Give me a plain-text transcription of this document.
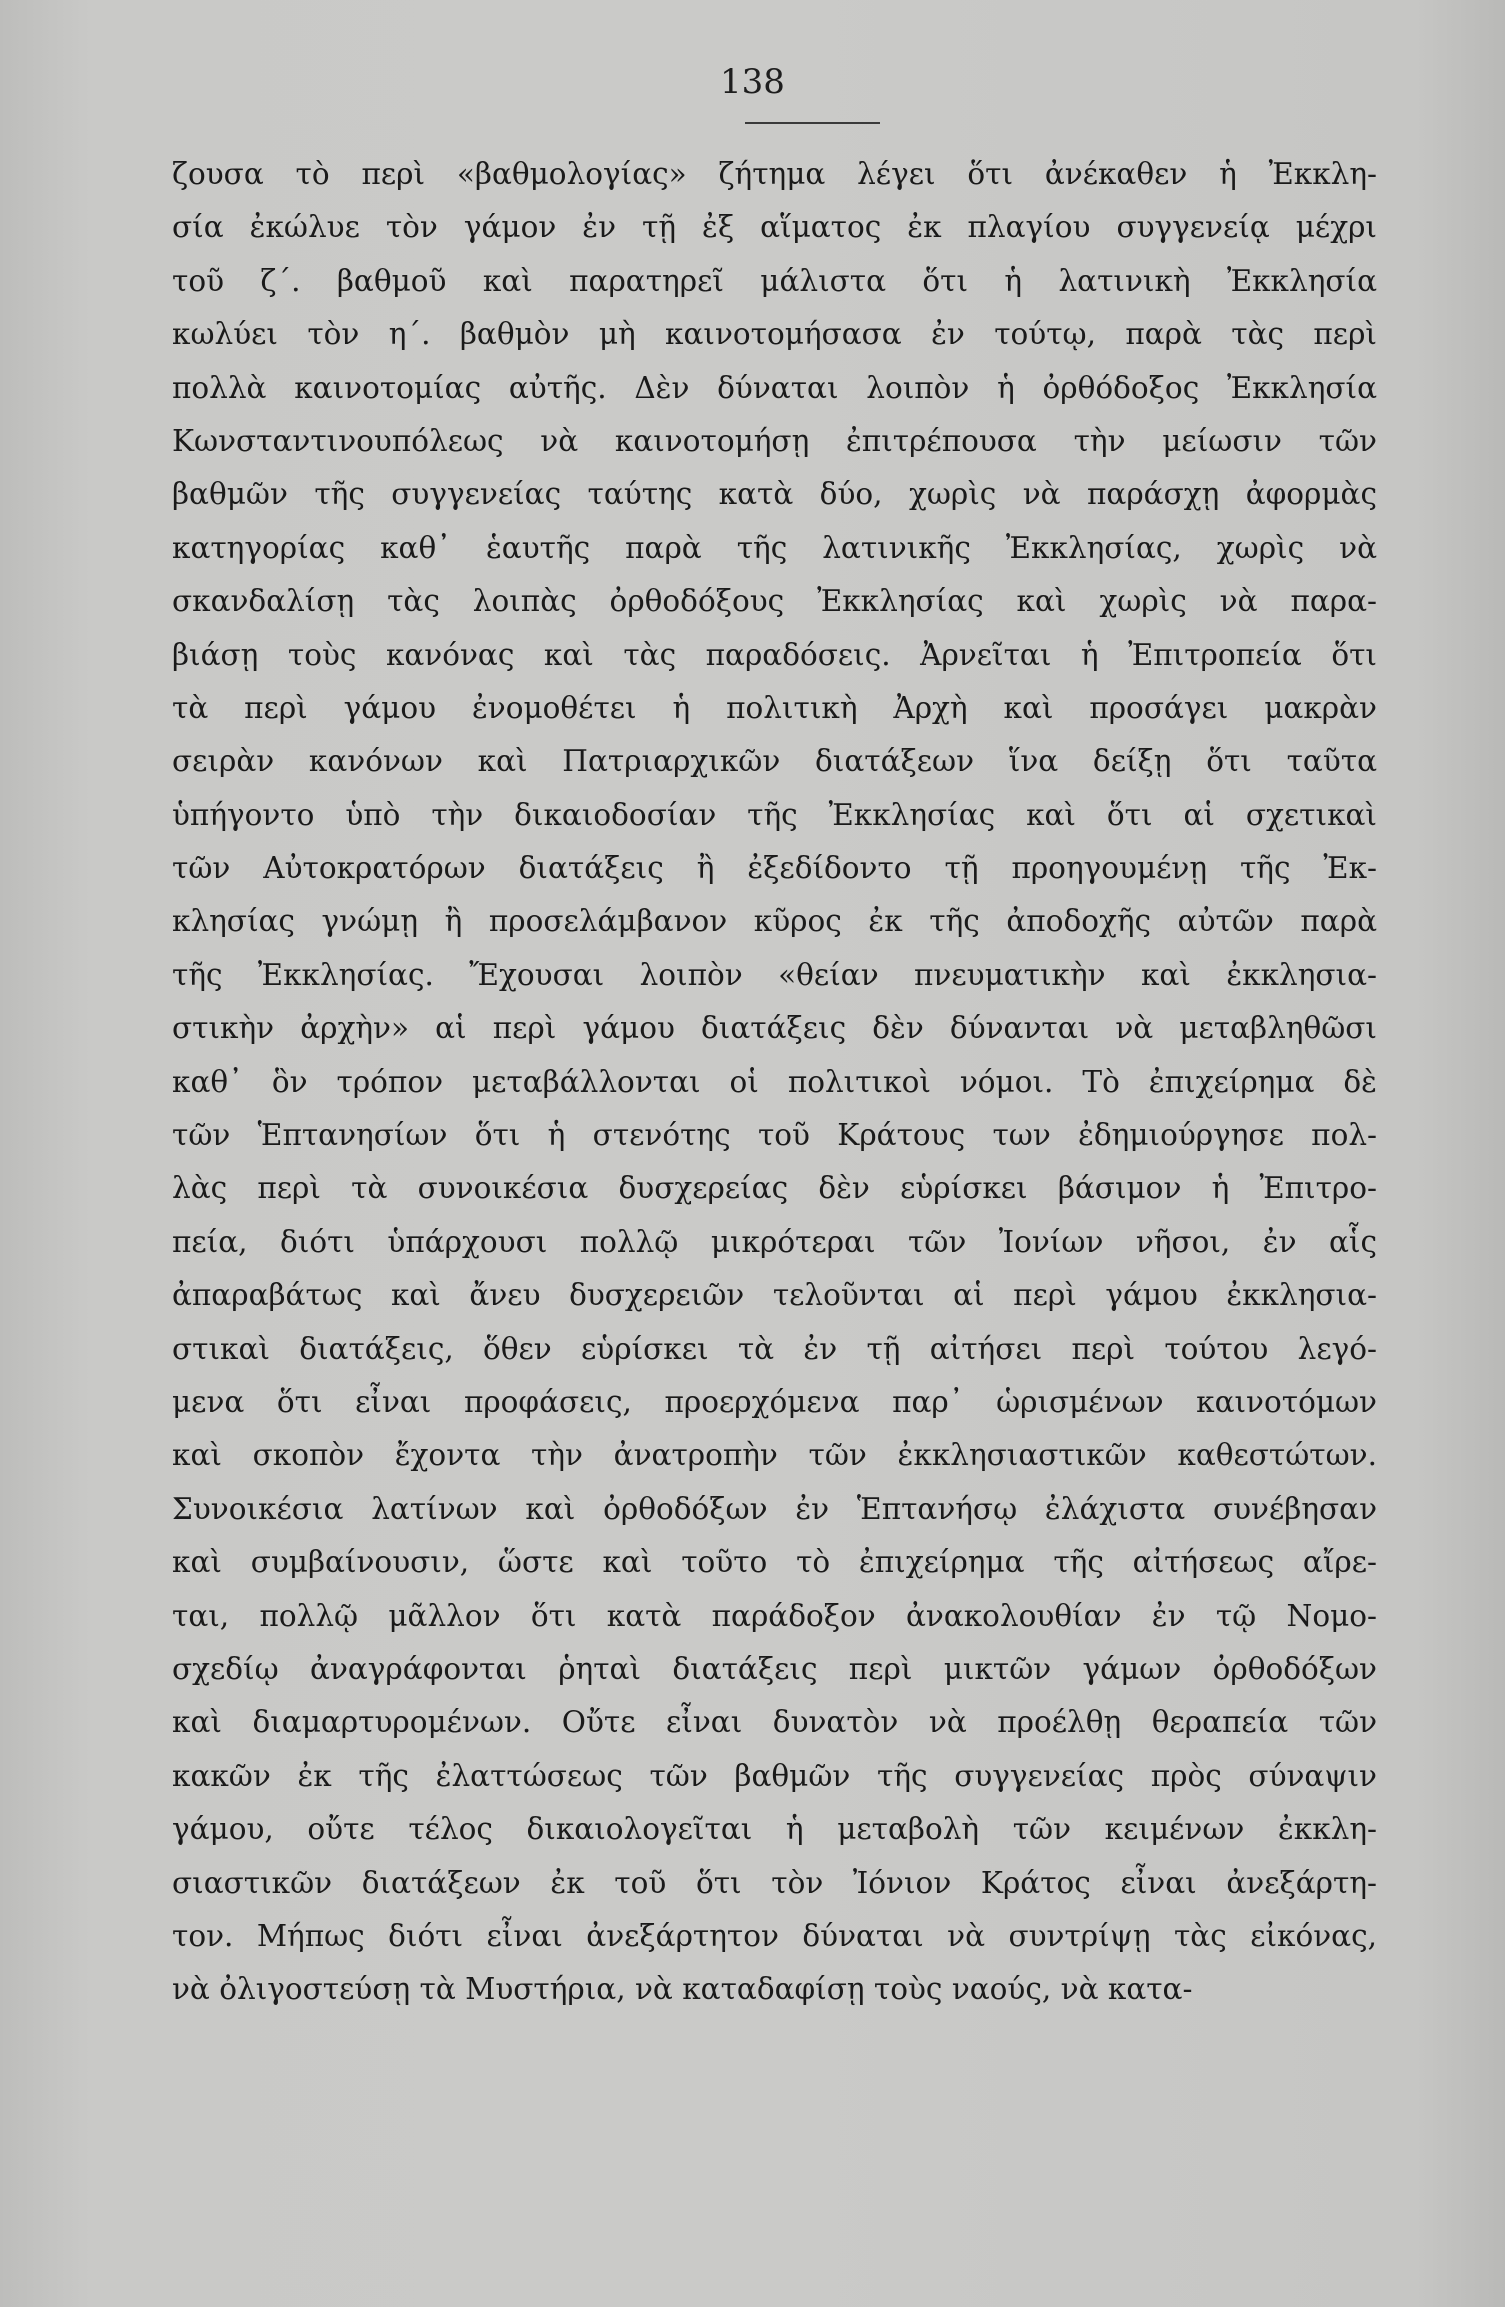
138
ζουσα τὸ περὶ «βαθμολογίας» ζήτημα λέγει ὅτι ἀνέκαθεν ἡ Ἐκκλη-
σία ἐκώλυε τὸν γάμον ἐν τῇ ἐξ αἵματος ἐκ πλαγίου συγγενείᾳ μέχρι
τοῦ ζ΄. βαθμοῦ καὶ παρατηρεῖ μάλιστα ὅτι ἡ λατινικὴ Ἐκκλησία
κωλύει τὸν η΄. βαθμὸν μὴ καινοτομήσασα ἐν τούτῳ, παρὰ τὰς περὶ
πολλὰ καινοτομίας αὐτῆς. Δὲν δύναται λοιπὸν ἡ ὀρθόδοξος Ἐκκλησία
Κωνσταντινουπόλεως νὰ καινοτομήσῃ ἐπιτρέπουσα τὴν μείωσιν τῶν
βαθμῶν τῆς συγγενείας ταύτης κατὰ δύο, χωρὶς νὰ παράσχῃ ἀφορμὰς
κατηγορίας καθ᾽ ἑαυτῆς παρὰ τῆς λατινικῆς Ἐκκλησίας, χωρὶς νὰ
σκανδαλίσῃ τὰς λοιπὰς ὀρθοδόξους Ἐκκλησίας καὶ χωρὶς νὰ παρα-
βιάσῃ τοὺς κανόνας καὶ τὰς παραδόσεις. Ἀρνεῖται ἡ Ἐπιτροπεία ὅτι
τὰ περὶ γάμου ἐνομοθέτει ἡ πολιτικὴ Ἀρχὴ καὶ προσάγει μακρὰν
σειρὰν κανόνων καὶ Πατριαρχικῶν διατάξεων ἵνα δείξῃ ὅτι ταῦτα
ὑπήγοντο ὑπὸ τὴν δικαιοδοσίαν τῆς Ἐκκλησίας καὶ ὅτι αἱ σχετικαὶ
τῶν Αὐτοκρατόρων διατάξεις ἢ ἐξεδίδοντο τῇ προηγουμένῃ τῆς Ἐκ-
κλησίας γνώμῃ ἢ προσελάμβανον κῦρος ἐκ τῆς ἀποδοχῆς αὐτῶν παρὰ
τῆς Ἐκκλησίας. Ἔχουσαι λοιπὸν «θείαν πνευματικὴν καὶ ἐκκλησια-
στικὴν ἀρχὴν» αἱ περὶ γάμου διατάξεις δὲν δύνανται νὰ μεταβληθῶσι
καθ᾽ ὃν τρόπον μεταβάλλονται οἱ πολιτικοὶ νόμοι. Τὸ ἐπιχείρημα δὲ
τῶν Ἑπτανησίων ὅτι ἡ στενότης τοῦ Κράτους των ἐδημιούργησε πολ-
λὰς περὶ τὰ συνοικέσια δυσχερείας δὲν εὑρίσκει βάσιμον ἡ Ἐπιτρο-
πεία, διότι ὑπάρχουσι πολλῷ μικρότεραι τῶν Ἰονίων νῆσοι, ἐν αἷς
ἀπαραβάτως καὶ ἄνευ δυσχερειῶν τελοῦνται αἱ περὶ γάμου ἐκκλησια-
στικαὶ διατάξεις, ὅθεν εὑρίσκει τὰ ἐν τῇ αἰτήσει περὶ τούτου λεγό-
μενα ὅτι εἶναι προφάσεις, προερχόμενα παρ᾽ ὡρισμένων καινοτόμων
καὶ σκοπὸν ἔχοντα τὴν ἀνατροπὴν τῶν ἐκκλησιαστικῶν καθεστώτων.
Συνοικέσια λατίνων καὶ ὀρθοδόξων ἐν Ἑπτανήσῳ ἐλάχιστα συνέβησαν
καὶ συμβαίνουσιν, ὥστε καὶ τοῦτο τὸ ἐπιχείρημα τῆς αἰτήσεως αἴρε-
ται, πολλῷ μᾶλλον ὅτι κατὰ παράδοξον ἀνακολουθίαν ἐν τῷ Νομο-
σχεδίῳ ἀναγράφονται ῥηταὶ διατάξεις περὶ μικτῶν γάμων ὀρθοδόξων
καὶ διαμαρτυρομένων. Οὔτε εἶναι δυνατὸν νὰ προέλθῃ θεραπεία τῶν
κακῶν ἐκ τῆς ἐλαττώσεως τῶν βαθμῶν τῆς συγγενείας πρὸς σύναψιν
γάμου, οὔτε τέλος δικαιολογεῖται ἡ μεταβολὴ τῶν κειμένων ἐκκλη-
σιαστικῶν διατάξεων ἐκ τοῦ ὅτι τὸν Ἰόνιον Κράτος εἶναι ἀνεξάρτη-
τον. Μήπως διότι εἶναι ἀνεξάρτητον δύναται νὰ συντρίψῃ τὰς εἰκόνας,
νὰ ὀλιγοστεύσῃ τὰ Μυστήρια, νὰ καταδαφίσῃ τοὺς ναούς, νὰ κατα-
